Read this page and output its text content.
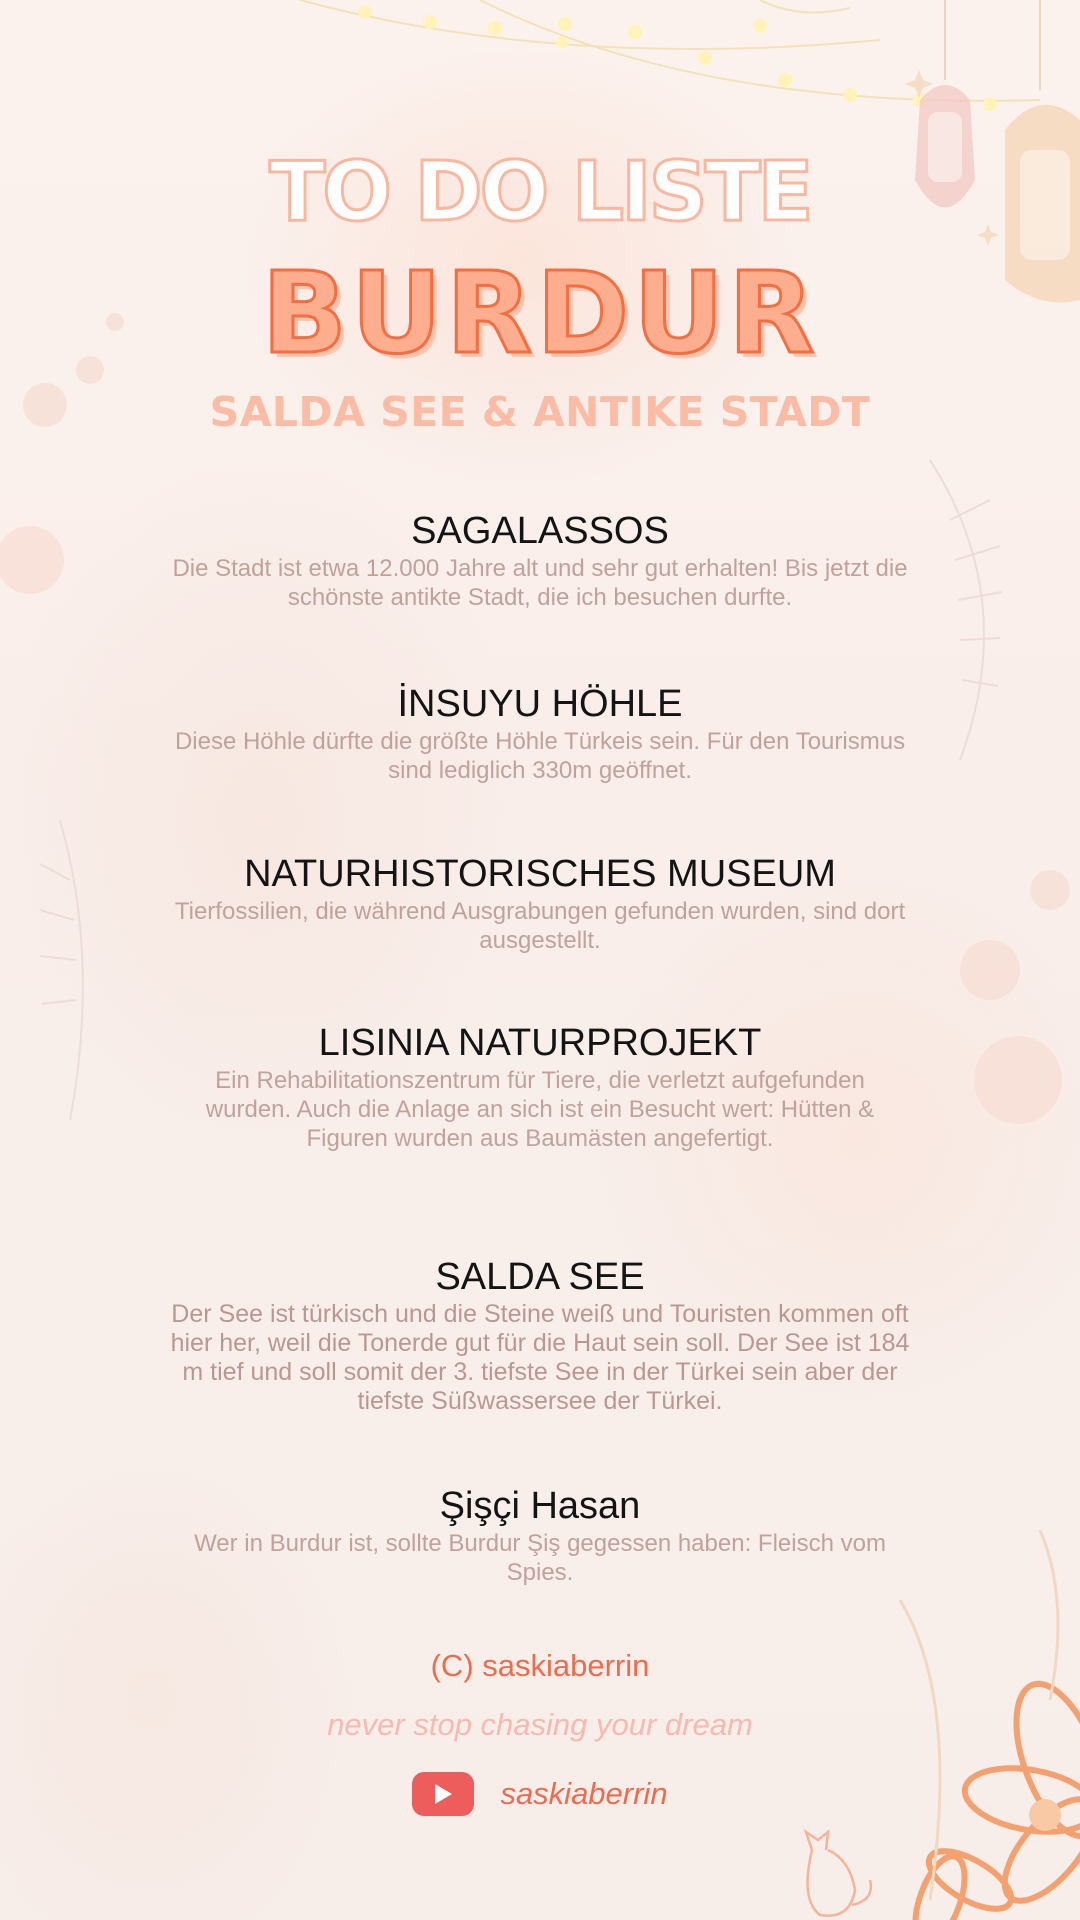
TO DO LISTE
BURDUR
SALDA SEE & ANTIKE STADT
SAGALASSOS
Die Stadt ist etwa 12.000 Jahre alt und sehr gut erhalten! Bis jetzt die schönste antikte Stadt, die ich besuchen durfte.
İNSUYU HÖHLE
Diese Höhle dürfte die größte Höhle Türkeis sein. Für den Tourismus sind lediglich 330m geöffnet.
NATURHISTORISCHES MUSEUM
Tierfossilien, die während Ausgrabungen gefunden wurden, sind dort ausgestellt.
LISINIA NATURPROJEKT
Ein Rehabilitationszentrum für Tiere, die verletzt aufgefunden wurden. Auch die Anlage an sich ist ein Besucht wert: Hütten & Figuren wurden aus Baumästen angefertigt.
SALDA SEE
Der See ist türkisch und die Steine weiß und Touristen kommen oft hier her, weil die Tonerde gut für die Haut sein soll. Der See ist 184 m tief und soll somit der 3. tiefste See in der Türkei sein aber der tiefste Süßwassersee der Türkei.
Şişçi Hasan
Wer in Burdur ist, sollte Burdur Şiş gegessen haben: Fleisch vom Spies.
(C) saskiaberrin
never stop chasing your dream
saskiaberrin
